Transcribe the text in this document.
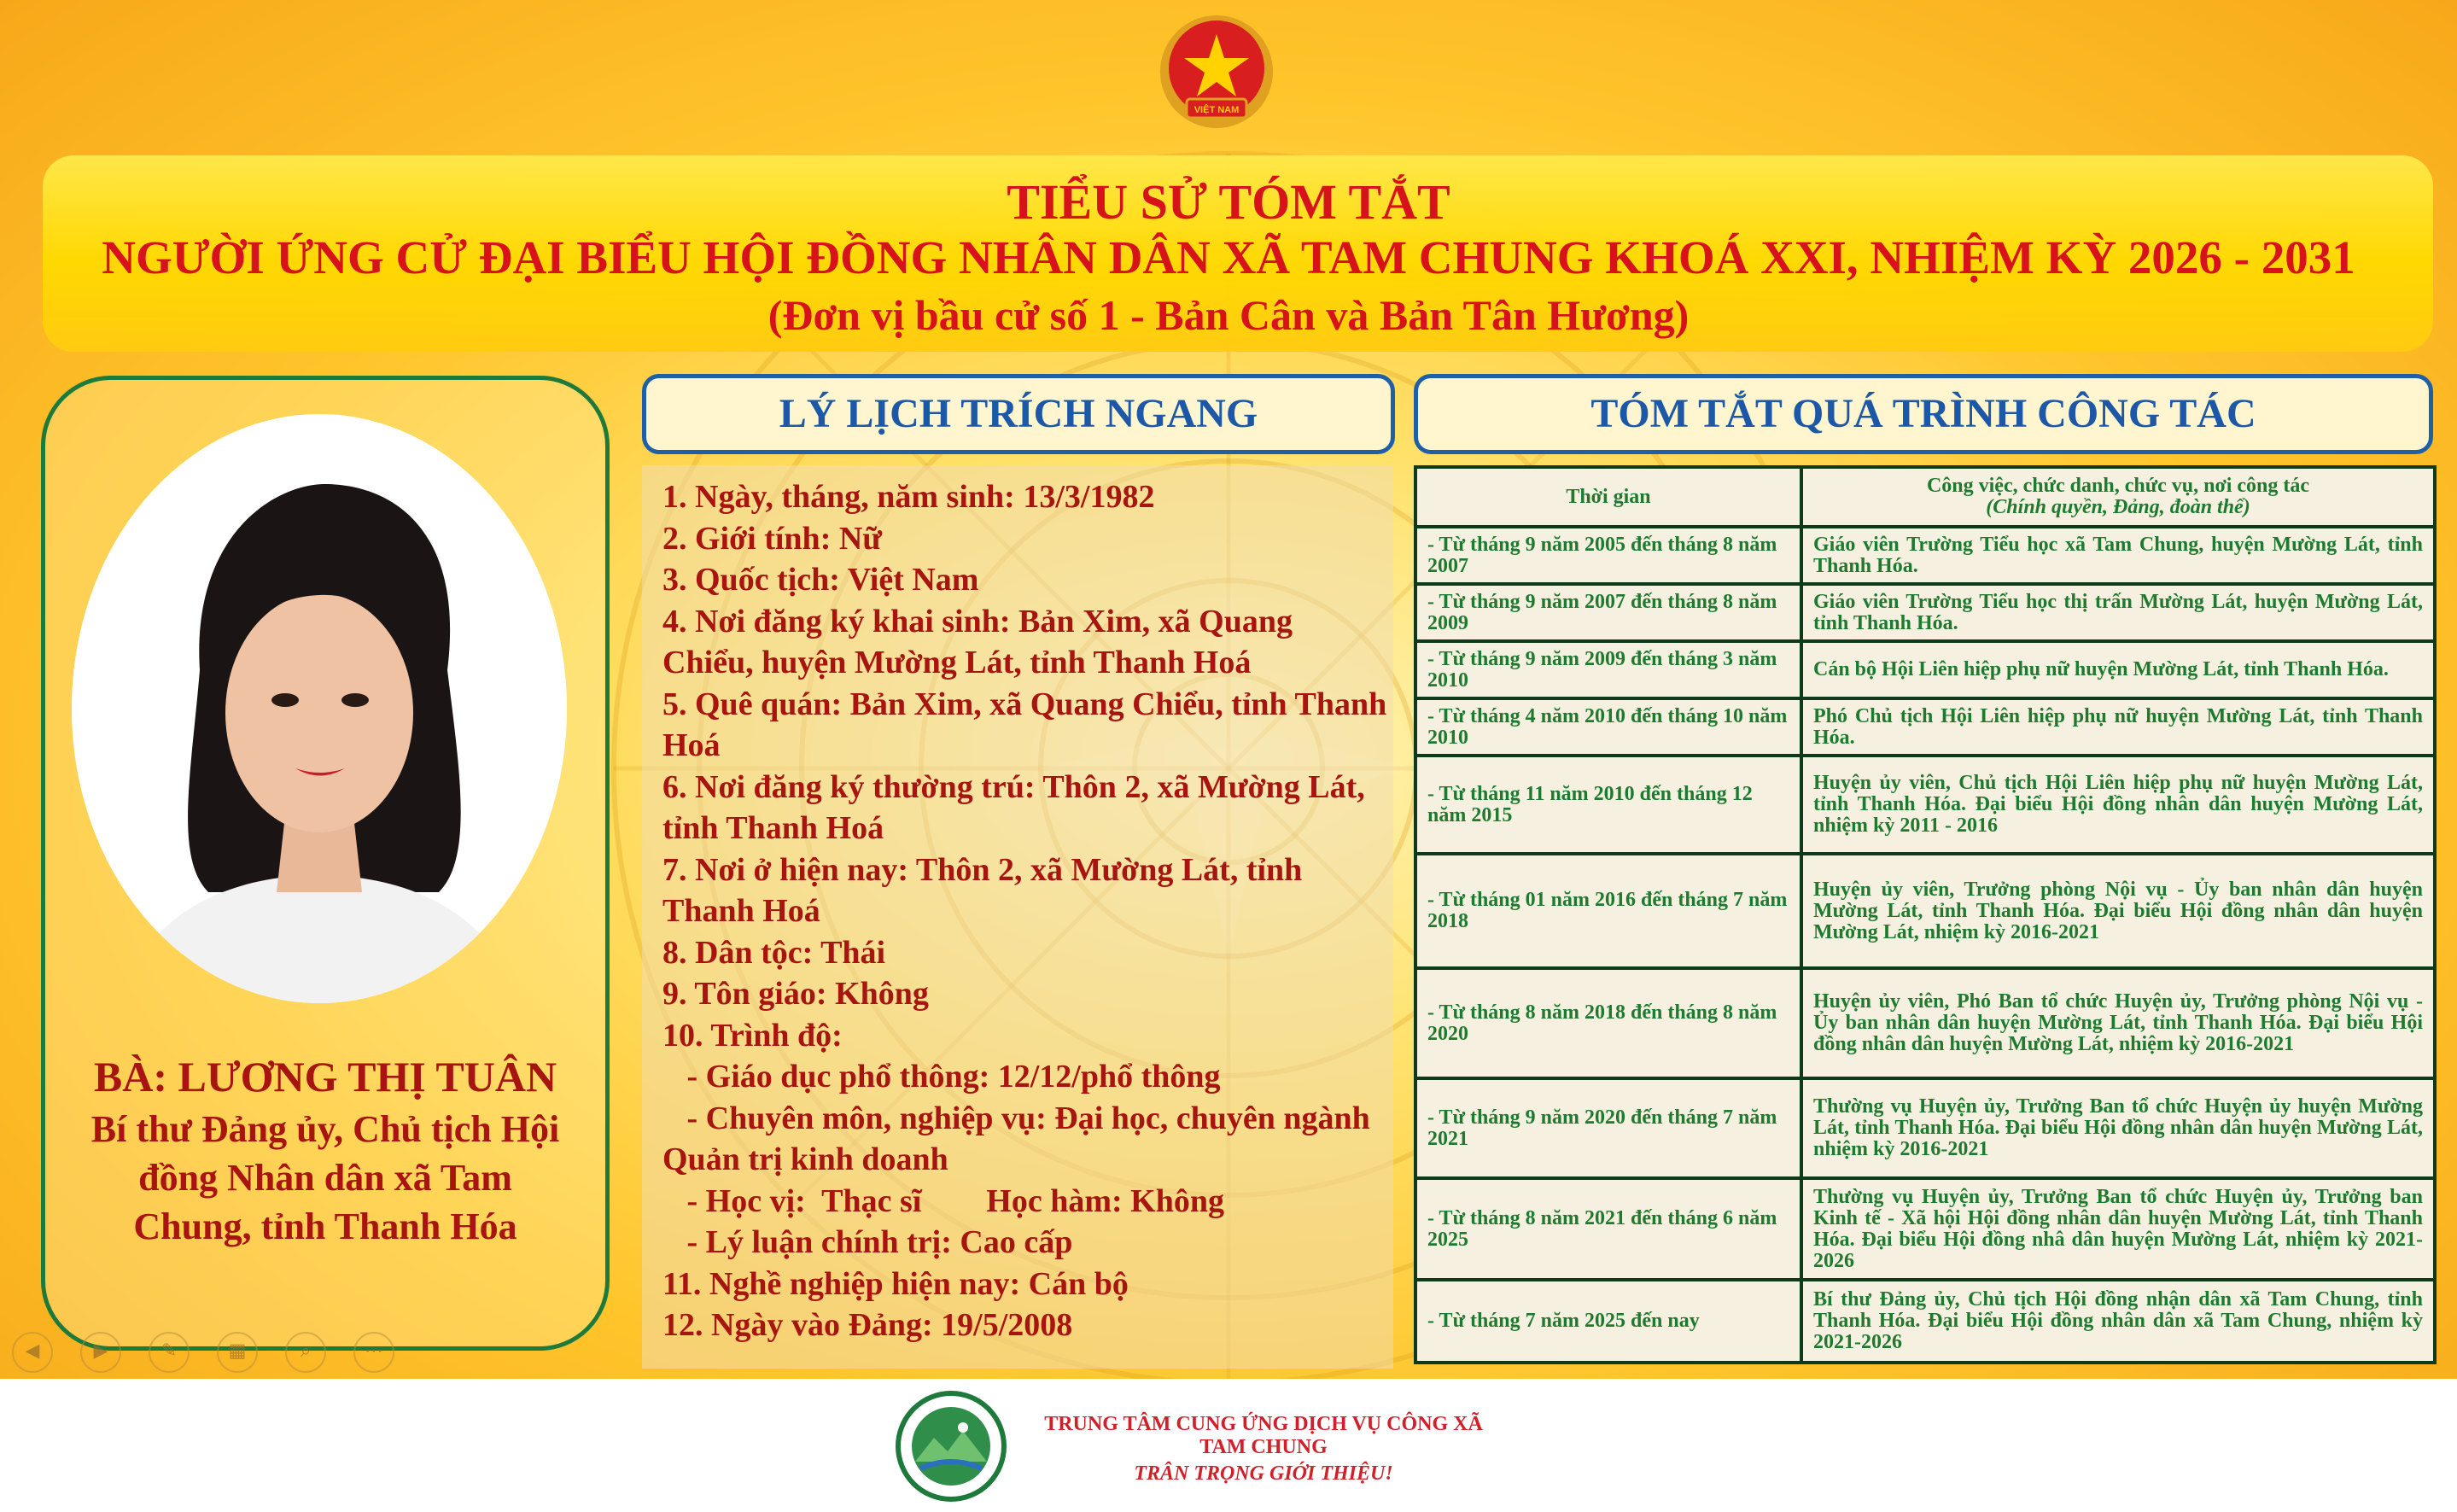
VIỆT NAM
TIỂU SỬ TÓM TẮT
NGƯỜI ỨNG CỬ ĐẠI BIỂU HỘI ĐỒNG NHÂN DÂN XÃ TAM CHUNG KHOÁ XXI, NHIỆM KỲ 2026 - 2031
(Đơn vị bầu cử số 1 - Bản Cân và Bản Tân Hương)
BÀ: LƯƠNG THỊ TUÂN
Bí thư Đảng ủy, Chủ tịch Hội đồng Nhân dân xã Tam Chung, tỉnh Thanh Hóa
LÝ LỊCH TRÍCH NGANG	TÓM TẮT QUÁ TRÌNH CÔNG TÁC
1. Ngày, tháng, năm sinh: 13/3/1982
2. Giới tính: Nữ
3. Quốc tịch: Việt Nam
4. Nơi đăng ký khai sinh: Bản Xim, xã Quang Chiểu, huyện Mường Lát, tỉnh Thanh Hoá
5. Quê quán: Bản Xim, xã Quang Chiểu, tỉnh Thanh Hoá
6. Nơi đăng ký thường trú: Thôn 2, xã Mường Lát, tỉnh Thanh Hoá
7. Nơi ở hiện nay: Thôn 2, xã Mường Lát, tỉnh Thanh Hoá
8. Dân tộc: Thái
9. Tôn giáo: Không
10. Trình độ:
- Giáo dục phổ thông: 12/12/phổ thông
- Chuyên môn, nghiệp vụ: Đại học, chuyên ngành Quản trị kinh doanh
- Học vị:  Thạc sĩ        Học hàm: Không
- Lý luận chính trị: Cao cấp
11. Nghề nghiệp hiện nay: Cán bộ
12. Ngày vào Đảng: 19/5/2008
Thời gian	Công việc, chức danh, chức vụ, nơi công tác
(Chính quyền, Đảng, đoàn thể)

- Từ tháng 9 năm 2005 đến tháng 8 năm 2007	Giáo viên Trường Tiểu học xã Tam Chung, huyện Mường Lát, tỉnh Thanh Hóa.
- Từ tháng 9 năm 2007 đến tháng 8 năm 2009	Giáo viên Trường Tiểu học thị trấn Mường Lát, huyện Mường Lát, tỉnh Thanh Hóa.
- Từ tháng 9 năm 2009 đến tháng 3 năm 2010	Cán bộ Hội Liên hiệp phụ nữ huyện Mường Lát, tỉnh Thanh Hóa.
- Từ tháng 4 năm 2010 đến tháng 10 năm 2010	Phó Chủ tịch Hội Liên hiệp phụ nữ huyện Mường Lát, tỉnh Thanh Hóa.
- Từ tháng 11 năm 2010 đến tháng 12 năm 2015	Huyện ủy viên, Chủ tịch Hội Liên hiệp phụ nữ huyện Mường Lát, tỉnh Thanh Hóa. Đại biểu Hội đồng nhân dân huyện Mường Lát, nhiệm kỳ 2011 - 2016
- Từ tháng 01 năm 2016 đến tháng 7 năm 2018	Huyện ủy viên, Trưởng phòng Nội vụ - Ủy ban nhân dân huyện Mường Lát, tỉnh Thanh Hóa. Đại biểu Hội đồng nhân dân huyện Mường Lát, nhiệm kỳ 2016-2021
- Từ tháng 8 năm 2018 đến tháng 8 năm 2020	Huyện ủy viên, Phó Ban tổ chức Huyện ủy, Trưởng phòng Nội vụ - Ủy ban nhân dân huyện Mường Lát, tỉnh Thanh Hóa. Đại biểu Hội đồng nhân dân huyện Mường Lát, nhiệm kỳ 2016-2021
- Từ tháng 9 năm 2020 đến tháng 7 năm 2021	Thường vụ Huyện ủy, Trưởng Ban tổ chức Huyện ủy huyện Mường Lát, tỉnh Thanh Hóa. Đại biểu Hội đồng nhân dân huyện Mường Lát, nhiệm kỳ 2016-2021
- Từ tháng 8 năm 2021 đến tháng 6 năm 2025	Thường vụ Huyện ủy, Trưởng Ban tổ chức Huyện ủy, Trưởng ban Kinh tế - Xã hội Hội đồng nhân dân huyện Mường Lát, tỉnh Thanh Hóa. Đại biểu Hội đồng nhâ dân huyện Mường Lát, nhiệm kỳ 2021-2026
- Từ tháng 7 năm 2025 đến nay	Bí thư Đảng ủy, Chủ tịch Hội đồng nhận dân xã Tam Chung, tỉnh Thanh Hóa. Đại biểu Hội đồng nhân dân xã Tam Chung, nhiệm kỳ 2021-2026
◀	▶	✎	▦	⌕	⋯
TRUNG TÂM CUNG ỨNG DỊCH VỤ CÔNG XÃ TAM CHUNG
TRÂN TRỌNG GIỚI THIỆU!
